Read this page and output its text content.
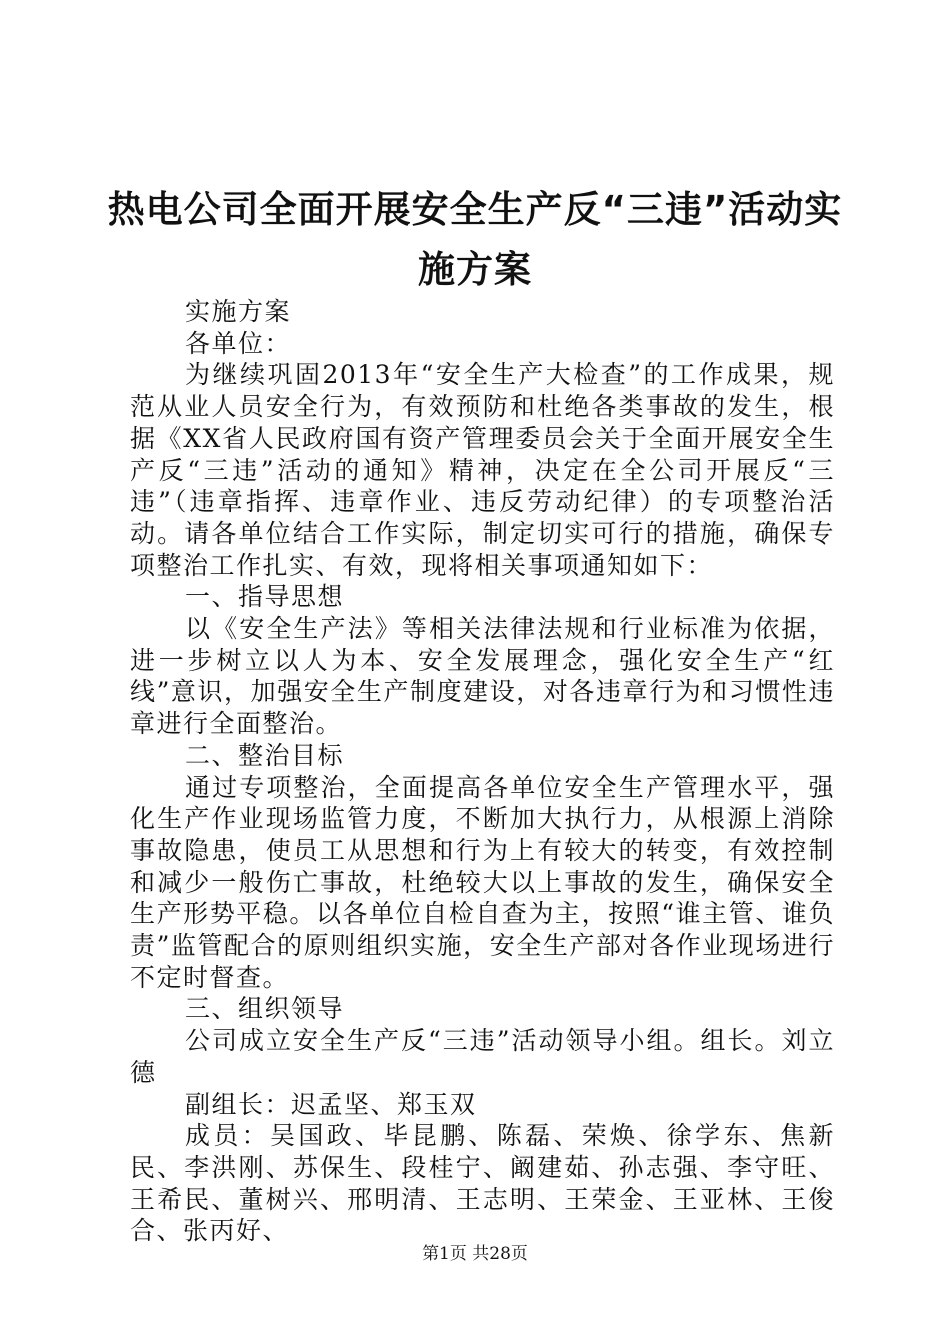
热电公司全面开展安全生产反“三违”活动实
施方案

实施方案

各单位：

为继续巩固2013年“安全生产大检查”的工作成果，规范从业人员安全行为，有效预防和杜绝各类事故的发生，根据《XX省人民政府国有资产管理委员会关于全面开展安全生产反“三违”活动的通知》精神，决定在全公司开展反“三违”（违章指挥、违章作业、违反劳动纪律）的专项整治活动。请各单位结合工作实际，制定切实可行的措施，确保专项整治工作扎实、有效，现将相关事项通知如下：

一、指导思想

以《安全生产法》等相关法律法规和行业标准为依据，进一步树立以人为本、安全发展理念，强化安全生产“红线”意识，加强安全生产制度建设，对各违章行为和习惯性违章进行全面整治。

二、整治目标

通过专项整治，全面提高各单位安全生产管理水平，强化生产作业现场监管力度，不断加大执行力，从根源上消除事故隐患，使员工从思想和行为上有较大的转变，有效控制和减少一般伤亡事故，杜绝较大以上事故的发生，确保安全生产形势平稳。以各单位自检自查为主，按照“谁主管、谁负责”监管配合的原则组织实施，安全生产部对各作业现场进行不定时督查。

三、组织领导

公司成立安全生产反“三违”活动领导小组。组长。刘立德

副组长：迟孟坚、郑玉双

成员：吴国政、毕昆鹏、陈磊、荣焕、徐学东、焦新民、李洪刚、苏保生、段桂宁、阚建茹、孙志强、李守旺、王希民、董树兴、邢明清、王志明、王荣金、王亚林、王俊合、张丙好、

第1页 共28页
